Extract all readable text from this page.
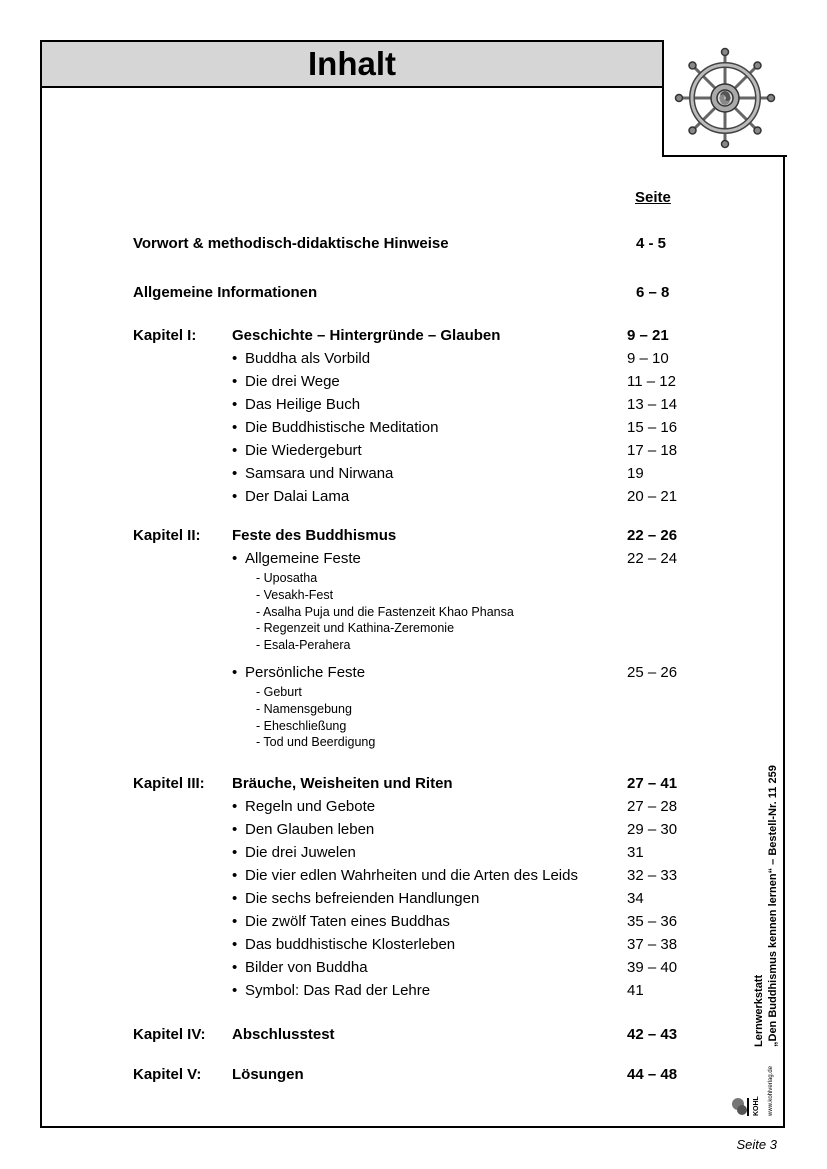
Inhalt
Seite
Vorwort & methodisch-didaktische Hinweise	4 - 5
Allgemeine Informationen	6 – 8
Kapitel I: Geschichte – Hintergründe – Glauben	9 – 21
Buddha als Vorbild	9 – 10
Die drei Wege	11 – 12
Das Heilige Buch	13 – 14
Die Buddhistische Meditation	15 – 16
Die Wiedergeburt	17 – 18
Samsara und Nirwana	19
Der Dalai Lama	20 – 21
Kapitel II: Feste des Buddhismus	22 – 26
Allgemeine Feste	22 – 24
- Uposatha
- Vesakh-Fest
- Asalha Puja und die Fastenzeit Khao Phansa
- Regenzeit und Kathina-Zeremonie
- Esala-Perahera
Persönliche Feste	25 – 26
- Geburt
- Namensgebung
- Eheschließung
- Tod und Beerdigung
Kapitel III: Bräuche, Weisheiten und Riten	27 – 41
Regeln und Gebote	27 – 28
Den Glauben leben	29 – 30
Die drei Juwelen	31
Die vier edlen Wahrheiten und die Arten des Leids	32 – 33
Die sechs befreienden Handlungen	34
Die zwölf Taten eines Buddhas	35 – 36
Das buddhistische Klosterleben	37 – 38
Bilder von Buddha	39 – 40
Symbol: Das Rad der Lehre	41
Kapitel IV: Abschlusstest	42 – 43
Kapitel V: Lösungen	44 – 48
Lernwerkstatt „Den Buddhismus kennen lernen“ – Bestell-Nr. 11 259
KOHL www.kohlverlag.de
Seite 3
